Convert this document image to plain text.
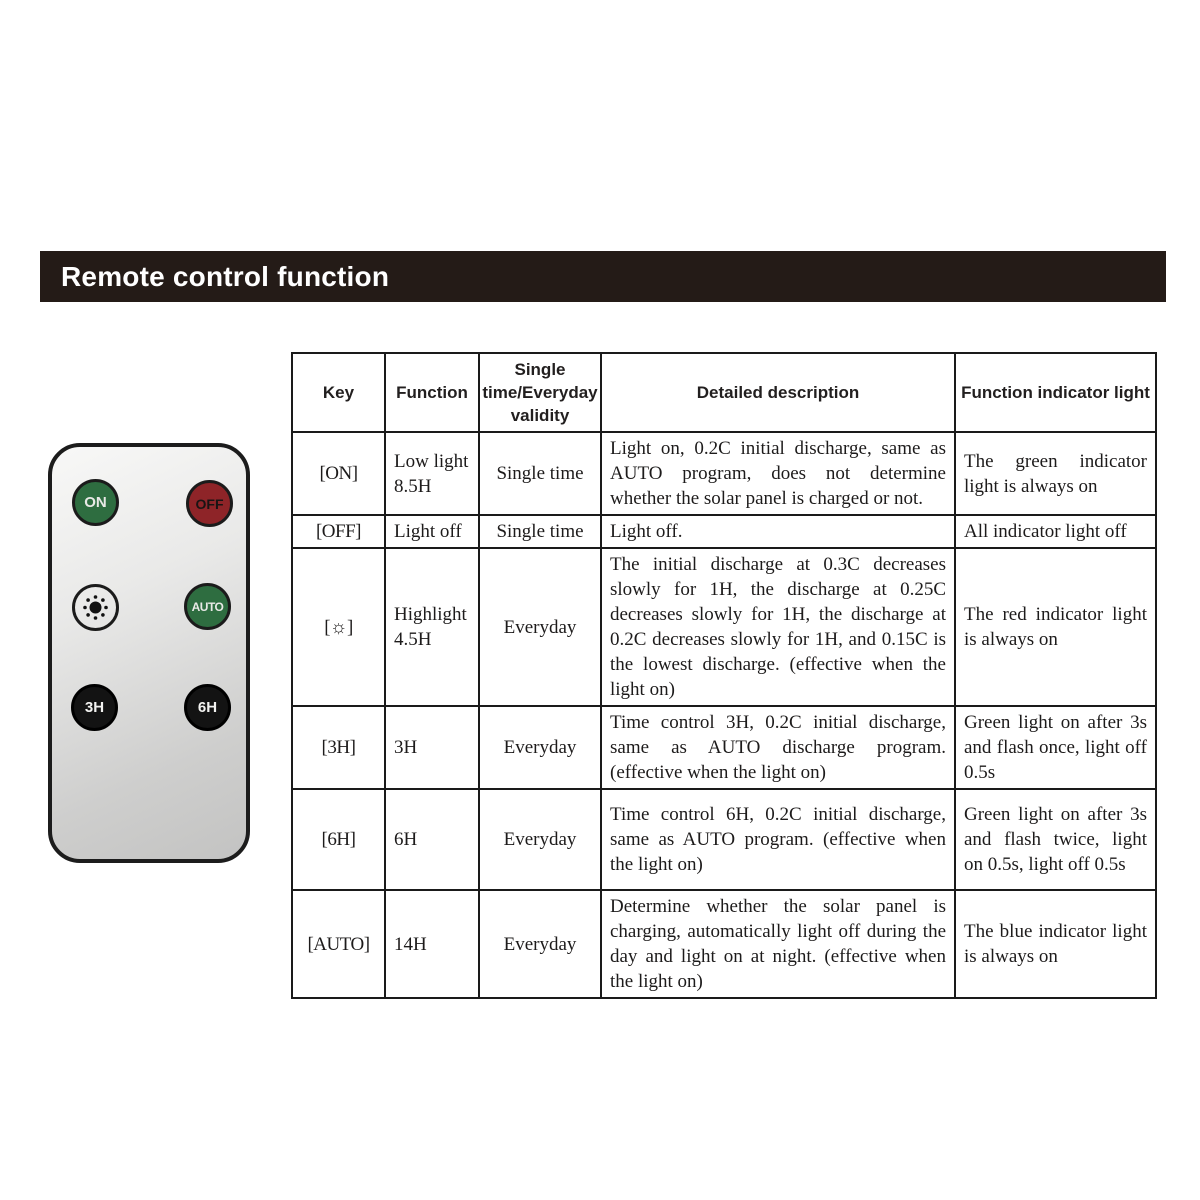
Remote control function
ON	OFF
AUTO
3H	6H
Key	Function	Single time/Everyday validity	Detailed description	Function indicator light
[ON]	Low light 8.5H	Single time	Light on, 0.2C initial discharge, same as AUTO program, does not determine whether the solar panel is charged or not.	The green indicator light is always on
[OFF]	Light off	Single time	Light off.	All indicator light off
[☼]	Highlight 4.5H	Everyday	The initial discharge at 0.3C decreases slowly for 1H, the discharge at 0.25C decreases slowly for 1H, the discharge at 0.2C decreases slowly for 1H, and 0.15C is the lowest discharge. (effective when the light on)	The red indicator light is always on
[3H]	3H	Everyday	Time control 3H, 0.2C initial discharge, same as AUTO discharge program. (effective when the light on)	Green light on after 3s and flash once, light off 0.5s
[6H]	6H	Everyday	Time control 6H, 0.2C initial discharge, same as AUTO program. (effective when the light on)	Green light on after 3s and flash twice, light on 0.5s, light off 0.5s
[AUTO]	14H	Everyday	Determine whether the solar panel is charging, automatically light off during the day and light on at night. (effective when the light on)	The blue indicator light is always on
